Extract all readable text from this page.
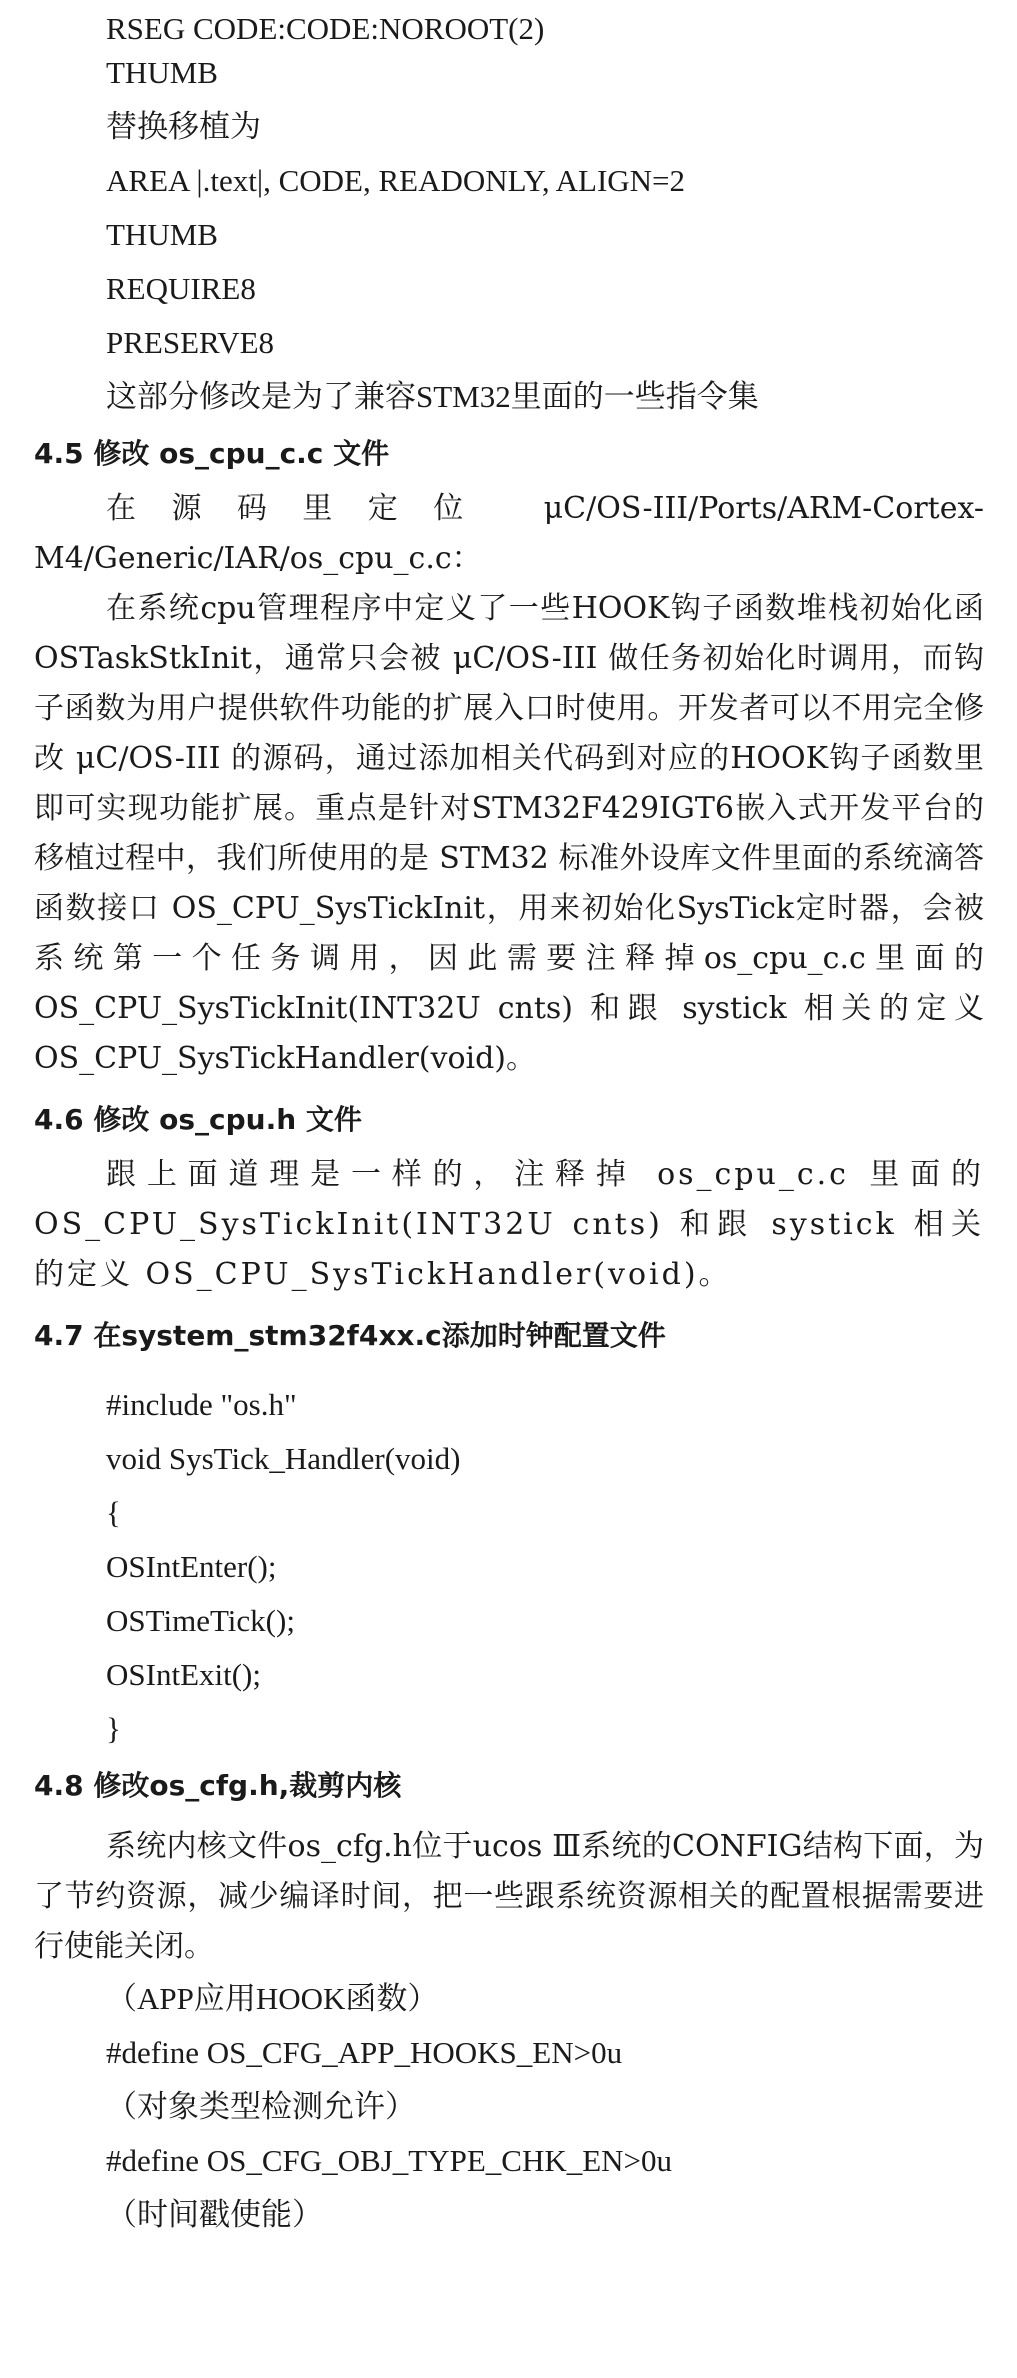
RSEG CODE:CODE:NOROOT(2)
THUMB
替换移植为
AREA |.text|, CODE, READONLY, ALIGN=2
THUMB
REQUIRE8
PRESERVE8
这部分修改是为了兼容STM32里面的一些指令集
4.5 修改 os_cpu_c.c 文件

在源码里定位 μC/OS-III/Ports/ARM-Cortex-M4/Generic/IAR/os_cpu_c.c：

在系统cpu管理程序中定义了一些HOOK钩子函数堆栈初始化函 OSTaskStkInit，通常只会被 μC/OS-III 做任务初始化时调用，而钩子函数为用户提供软件功能的扩展入口时使用。开发者可以不用完全修改 μC/OS-III 的源码，通过添加相关代码到对应的HOOK钩子函数里即可实现功能扩展。重点是针对STM32F429IGT6嵌入式开发平台的移植过程中，我们所使用的是 STM32 标准外设库文件里面的系统滴答函数接口 OS_CPU_SysTickInit，用来初始化SysTick定时器，会被系统第一个任务调用，因此需要注释掉os_cpu_c.c里面的OS_CPU_SysTickInit(INT32U cnts) 和跟 systick 相关的定义 OS_CPU_SysTickHandler(void)。

4.6 修改 os_cpu.h 文件

跟上面道理是一样的，注释掉 os_cpu_c.c 里面的 OS_CPU_SysTickInit(INT32U cnts) 和跟 systick 相关的定义 OS_CPU_SysTickHandler(void)。

4.7 在system_stm32f4xx.c添加时钟配置文件
#include "os.h"
void SysTick_Handler(void)
{
OSIntEnter();
OSTimeTick();
OSIntExit();
}
4.8 修改os_cfg.h,裁剪内核

系统内核文件os_cfg.h位于ucos Ⅲ系统的CONFIG结构下面，为了节约资源，减少编译时间，把一些跟系统资源相关的配置根据需要进行使能关闭。

（APP应用HOOK函数）
#define OS_CFG_APP_HOOKS_EN>0u
（对象类型检测允许）
#define OS_CFG_OBJ_TYPE_CHK_EN>0u
（时间戳使能）
